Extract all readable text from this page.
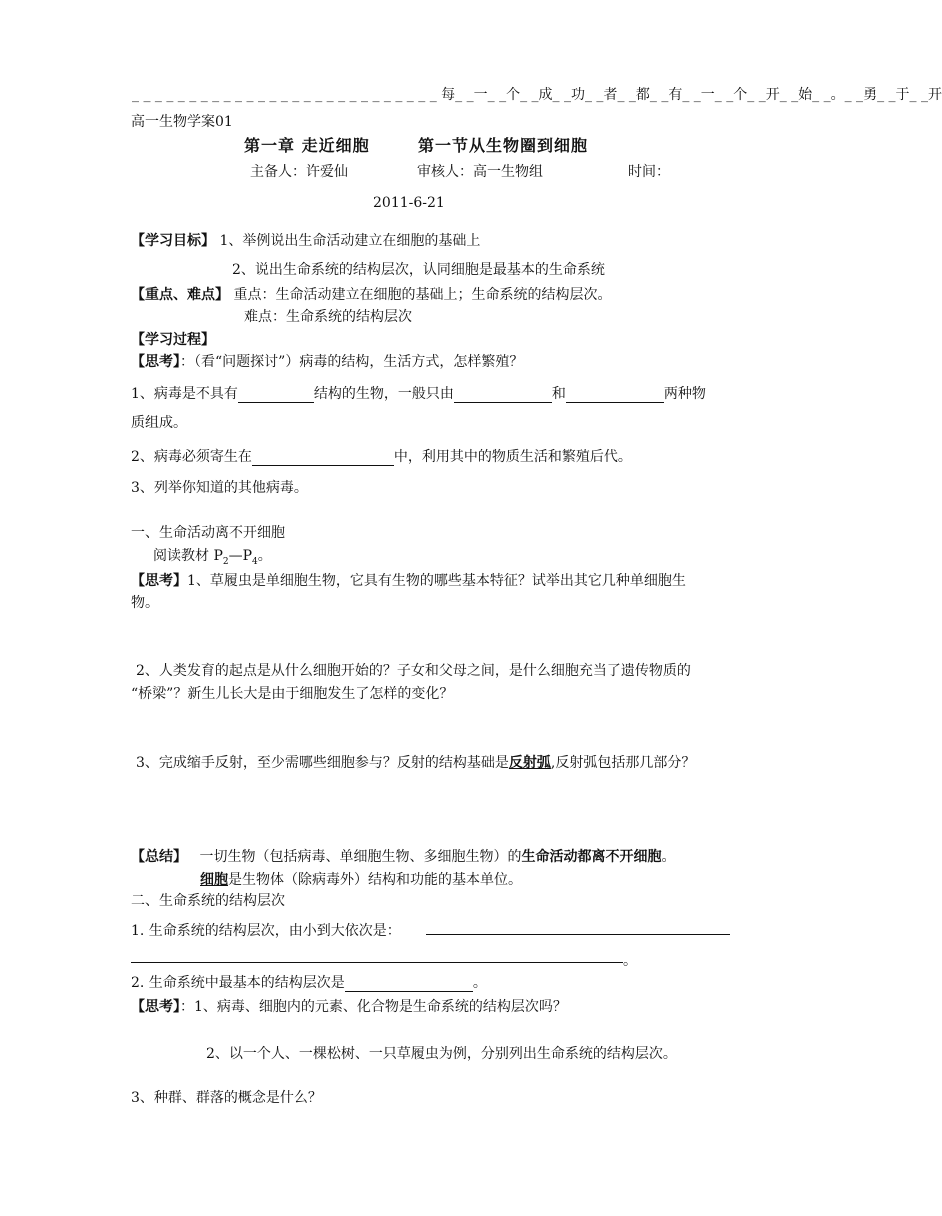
_ _ _ _ _ _ _ _ _ _ _ _ _ _ _ _ _ _ _ _ _ _ _ _ _ _ _ 每_ _一_ _个_ _成_ _功_ _者_ _都_ _有_ _一_ _个_ _开_ _始_ _。_ _勇_ _于_ _开
高一生物学案01
第一章 走近细胞	第一节从生物圈到细胞
主备人：许爱仙	审核人：高一生物组	时间：
2011-6-21
【学习目标】 1、举例说出生命活动建立在细胞的基础上
2、说出生命系统的结构层次，认同细胞是最基本的生命系统
【重点、难点】 重点：生命活动建立在细胞的基础上；生命系统的结构层次。
难点：生命系统的结构层次
【学习过程】
【思考】：（看“问题探讨”）病毒的结构，生活方式，怎样繁殖？
1、病毒是不具有	结构的生物，一般只由	和	两种物
质组成。
2、病毒必须寄生在	中，利用其中的物质生活和繁殖后代。
3、列举你知道的其他病毒。
一、生命活动离不开细胞
阅读教材 $P_2—P_4$。
【思考】1、草履虫是单细胞生物，它具有生物的哪些基本特征？试举出其它几种单细胞生
物。
2、人类发育的起点是从什么细胞开始的？子女和父母之间，是什么细胞充当了遗传物质的
“桥梁”？新生儿长大是由于细胞发生了怎样的变化？
3、完成缩手反射，至少需哪些细胞参与？反射的结构基础是反射弧,反射弧包括那几部分？
【总结】 一切生物（包括病毒、单细胞生物、多细胞生物）的生命活动都离不开细胞。
细胞是生物体（除病毒外）结构和功能的基本单位。
二、生命系统的结构层次
1. 生命系统的结构层次，由小到大依次是：
。
2. 生命系统中最基本的结构层次是	。
【思考】：1、病毒、细胞内的元素、化合物是生命系统的结构层次吗？
2、以一个人、一棵松树、一只草履虫为例，分别列出生命系统的结构层次。
3、种群、群落的概念是什么？
